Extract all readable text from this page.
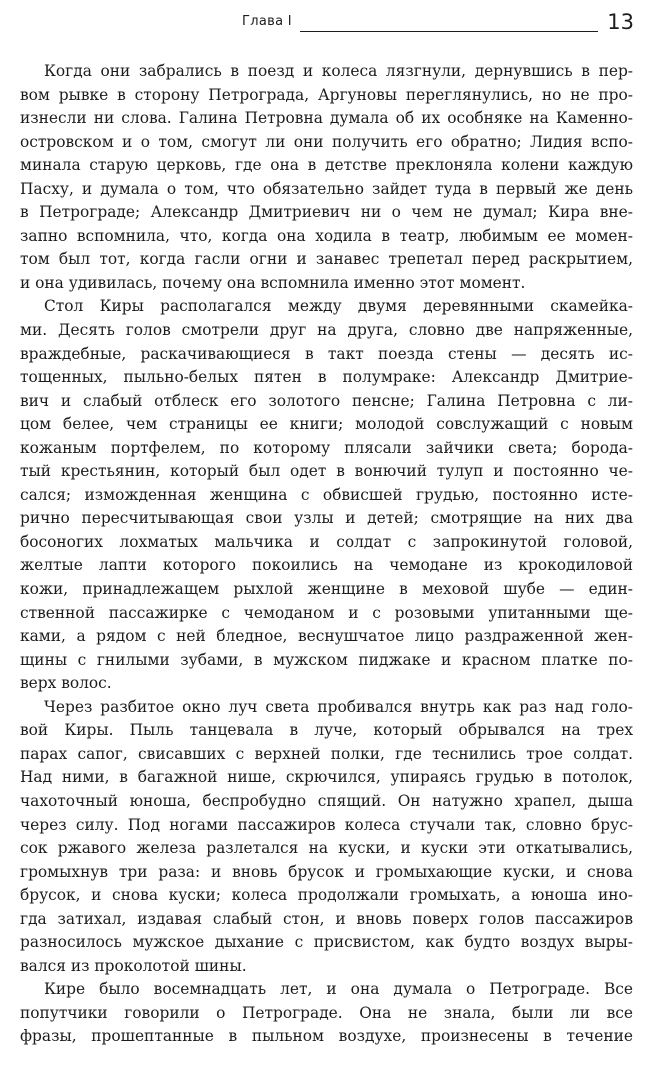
Глава I	13
Когда они забрались в поезд и колеса лязгнули, дернувшись в пер-
вом рывке в сторону Петрограда, Аргуновы переглянулись, но не про-
изнесли ни слова. Галина Петровна думала об их особняке на Каменно-
островском и о том, смогут ли они получить его обратно; Лидия вспо-
минала старую церковь, где она в детстве преклоняла колени каждую
Пасху, и думала о том, что обязательно зайдет туда в первый же день
в Петрограде; Александр Дмитриевич ни о чем не думал; Кира вне-
запно вспомнила, что, когда она ходила в театр, любимым ее момен-
том был тот, когда гасли огни и занавес трепетал перед раскрытием,
и она удивилась, почему она вспомнила именно этот момент.
Стол Киры располагался между двумя деревянными скамейка-
ми. Десять голов смотрели друг на друга, словно две напряженные,
враждебные, раскачивающиеся в такт поезда стены — десять ис-
тощенных, пыльно-белых пятен в полумраке: Александр Дмитрие-
вич и слабый отблеск его золотого пенсне; Галина Петровна с ли-
цом белее, чем страницы ее книги; молодой совслужащий с новым
кожаным портфелем, по которому плясали зайчики света; борода-
тый крестьянин, который был одет в вонючий тулуп и постоянно че-
сался; изможденная женщина с обвисшей грудью, постоянно исте-
рично пересчитывающая свои узлы и детей; смотрящие на них два
босоногих лохматых мальчика и солдат с запрокинутой головой,
желтые лапти которого покоились на чемодане из крокодиловой
кожи, принадлежащем рыхлой женщине в меховой шубе — един-
ственной пассажирке с чемоданом и с розовыми упитанными ще-
ками, а рядом с ней бледное, веснушчатое лицо раздраженной жен-
щины с гнилыми зубами, в мужском пиджаке и красном платке по-
верх волос.
Через разбитое окно луч света пробивался внутрь как раз над голо-
вой Киры. Пыль танцевала в луче, который обрывался на трех
парах сапог, свисавших с верхней полки, где теснились трое солдат.
Над ними, в багажной нише, скрючился, упираясь грудью в потолок,
чахоточный юноша, беспробудно спящий. Он натужно храпел, дыша
через силу. Под ногами пассажиров колеса стучали так, словно брус-
сок ржавого железа разлетался на куски, и куски эти откатывались,
громыхнув три раза: и вновь брусок и громыхающие куски, и снова
брусок, и снова куски; колеса продолжали громыхать, а юноша ино-
гда затихал, издавая слабый стон, и вновь поверх голов пассажиров
разносилось мужское дыхание с присвистом, как будто воздух выры-
вался из проколотой шины.
Кире было восемнадцать лет, и она думала о Петрограде. Все
попутчики говорили о Петрограде. Она не знала, были ли все
фразы, прошептанные в пыльном воздухе, произнесены в течение
